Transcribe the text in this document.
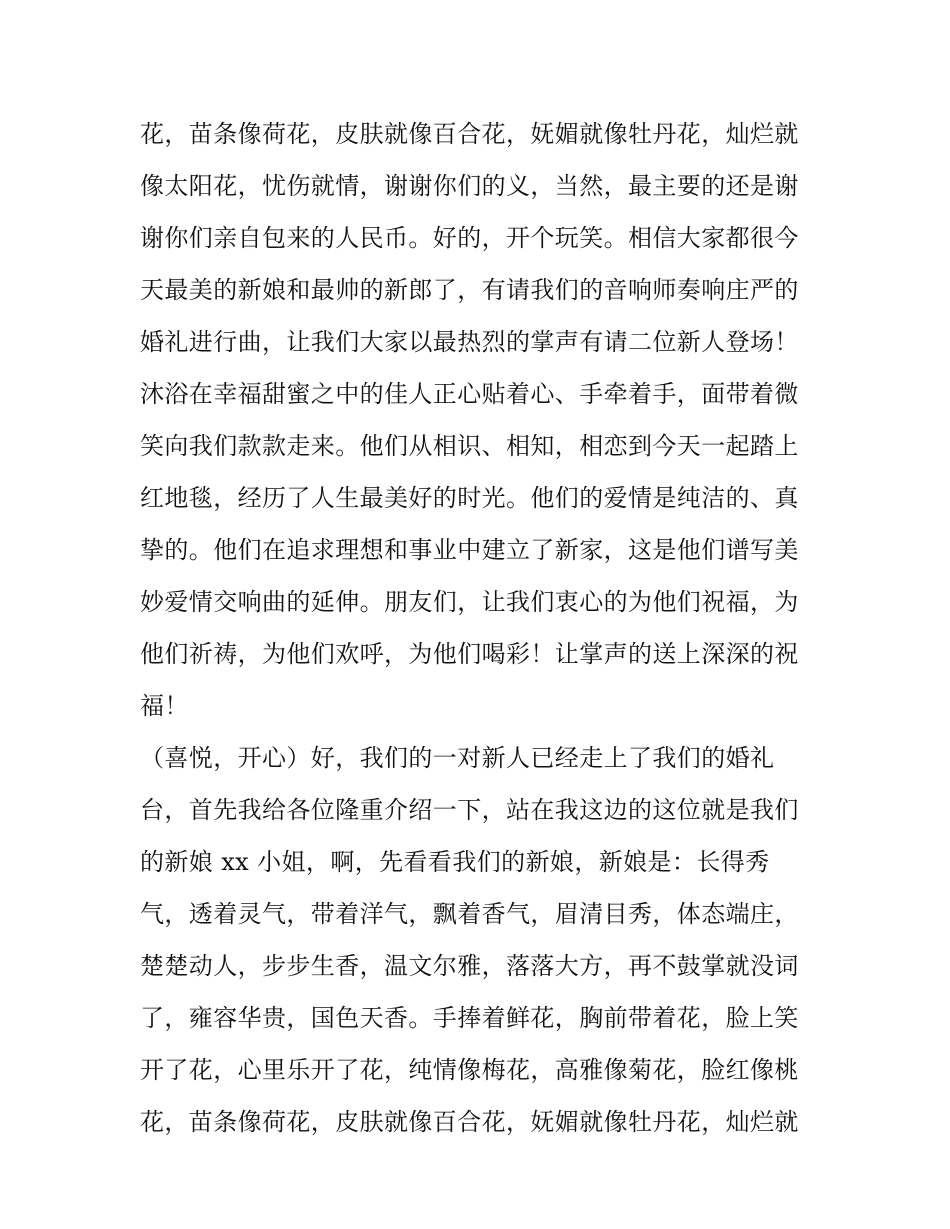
花，苗条像荷花，皮肤就像百合花，妩媚就像牡丹花，灿烂就
像太阳花，忧伤就情，谢谢你们的义，当然，最主要的还是谢
谢你们亲自包来的人民币。好的，开个玩笑。相信大家都很今
天最美的新娘和最帅的新郎了，有请我们的音响师奏响庄严的
婚礼进行曲，让我们大家以最热烈的掌声有请二位新人登场！
沐浴在幸福甜蜜之中的佳人正心贴着心、手牵着手，面带着微
笑向我们款款走来。他们从相识、相知，相恋到今天一起踏上
红地毯，经历了人生最美好的时光。他们的爱情是纯洁的、真
挚的。他们在追求理想和事业中建立了新家，这是他们谱写美
妙爱情交响曲的延伸。朋友们，让我们衷心的为他们祝福，为
他们祈祷，为他们欢呼，为他们喝彩！让掌声的送上深深的祝
福！
（喜悦，开心）好，我们的一对新人已经走上了我们的婚礼
台，首先我给各位隆重介绍一下，站在我这边的这位就是我们
的新娘 xx 小姐，啊，先看看我们的新娘，新娘是：长得秀
气，透着灵气，带着洋气，飘着香气，眉清目秀，体态端庄，
楚楚动人，步步生香，温文尔雅，落落大方，再不鼓掌就没词
了，雍容华贵，国色天香。手捧着鲜花，胸前带着花，脸上笑
开了花，心里乐开了花，纯情像梅花，高雅像菊花，脸红像桃
花，苗条像荷花，皮肤就像百合花，妩媚就像牡丹花，灿烂就
